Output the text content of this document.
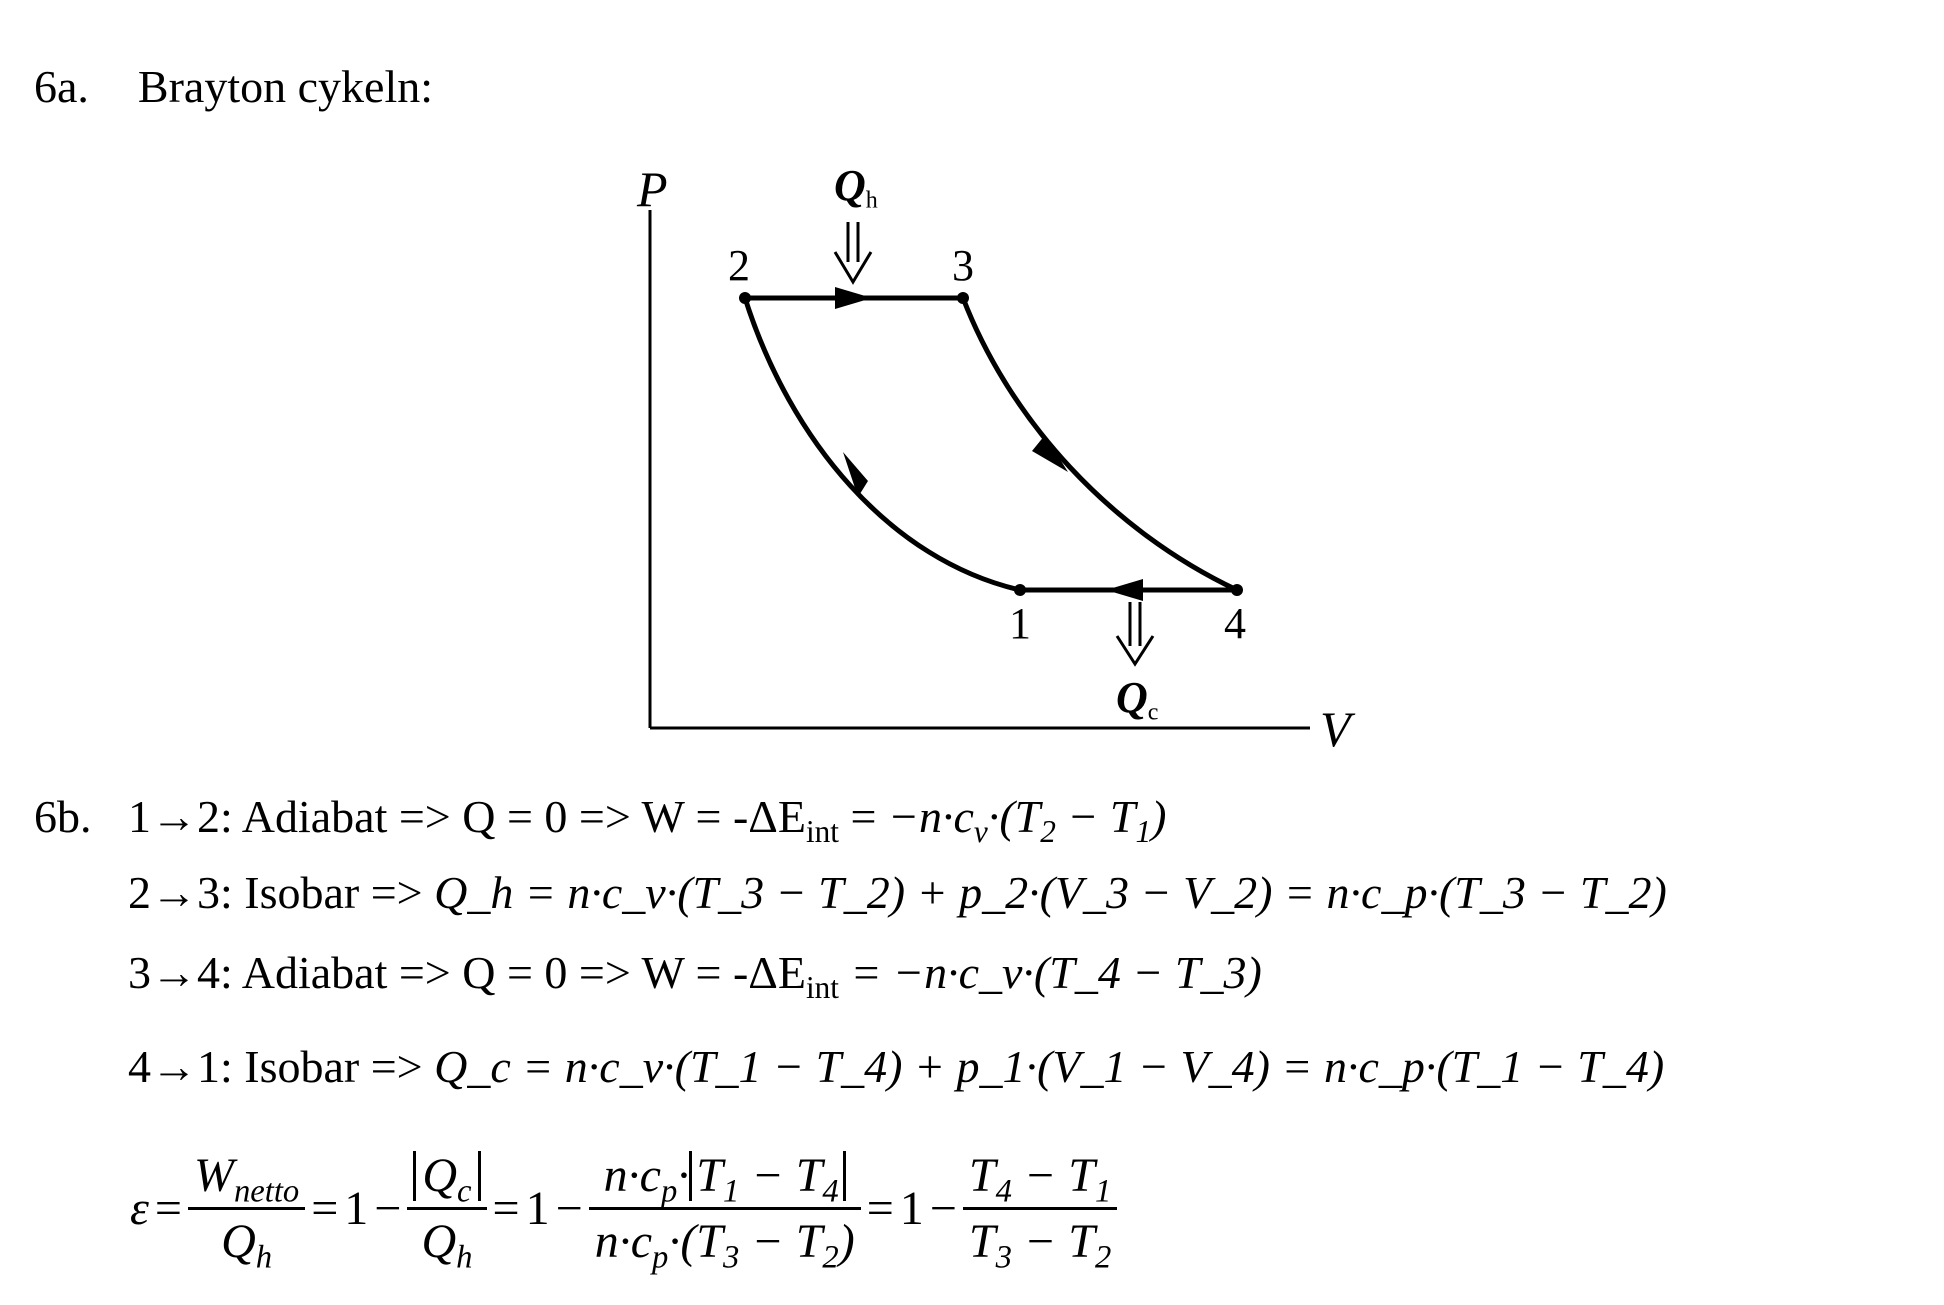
6a. Brayton cykeln:
P
V
$Q_h$
$Q_c$
2	3
1	4
6b. 1→2: Adiabat => $Q = 0 => W = -\Delta E_{int} = -n\cdot c_v\cdot(T_2 - T_1)$
2→3: Isobar => Q_h = n·c_v·(T_3 − T_2) + p_2·(V_3 − V_2) = n·c_p·(T_3 − T_2)
3→4: Adiabat => $Q = 0 => W = -\Delta E_{int}$ = −n·c_v·(T_4 − T_3)
4→1: Isobar => Q_c = n·c_v·(T_1 − T_4) + p_1·(V_1 − V_4) = n·c_p·(T_1 − T_4)
$\varepsilon = \frac{W_{netto}}{Q_h} = 1 - \frac{Q_c}{Q_h} = 1 - \frac{n\cdot c_p\cdot T_1 - T_4}{n\cdot c_p\cdot(T_3 - T_2)} = 1 - \frac{T_4 - T_1}{T_3 - T_2}$
